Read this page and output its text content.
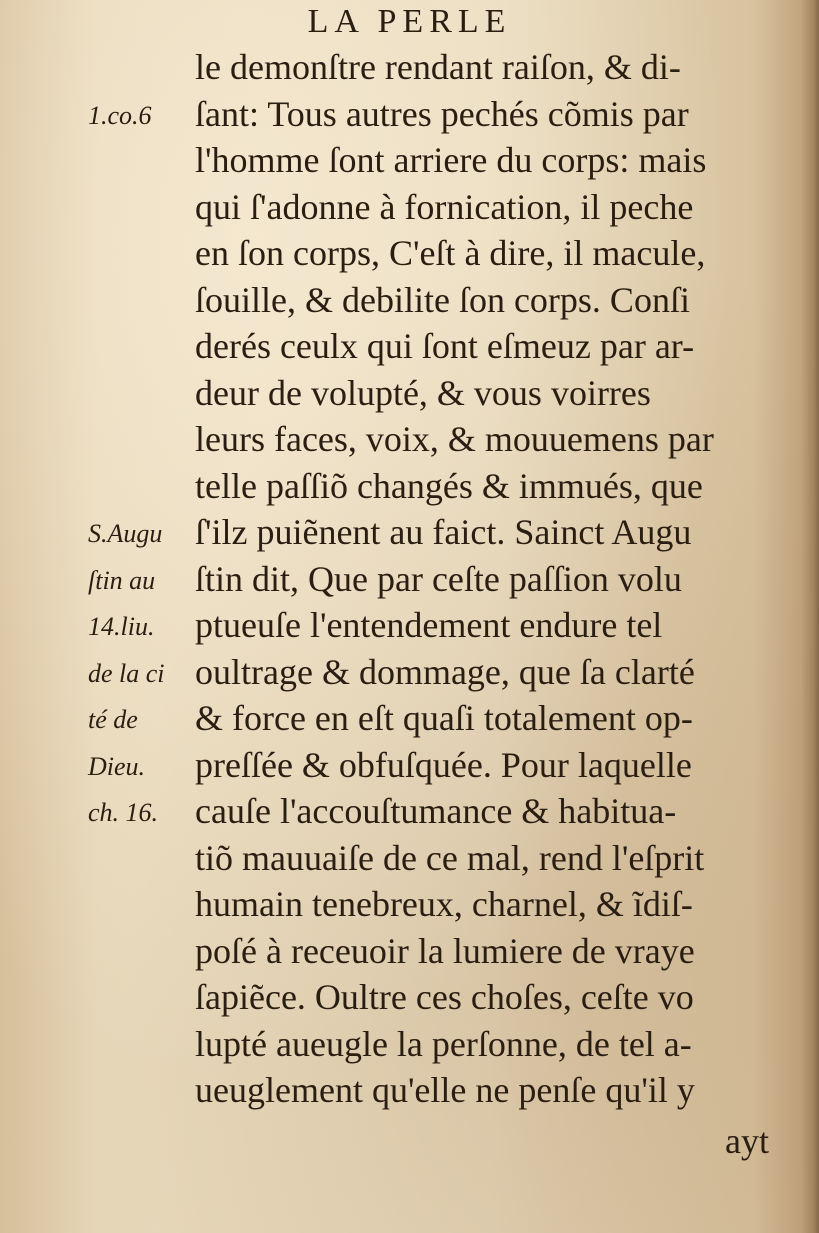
LA PERLE
le demonſtre rendant raiſon, & di-
ſant: Tous autres pechés cõmis par
l'homme ſont arriere du corps: mais
qui ſ'adonne à fornication, il peche
en ſon corps, C'eſt à dire, il macule,
ſouille, & debilite ſon corps. Conſi
derés ceulx qui ſont eſmeuz par ar-
deur de volupté, & vous voirres
leurs faces, voix, & mouuemens par
telle paſſiõ changés & immués, que
ſ'ilz puiẽnent au faict. Sainct Augu
ſtin dit, Que par ceſte paſſion volu
ptueuſe l'entendement endure tel
oultrage & dommage, que ſa clarté
& force en eſt quaſi totalement op-
preſſée & obfuſquée. Pour laquelle
cauſe l'accouſtumance & habitua-
tiõ mauuaiſe de ce mal, rend l'eſprit
humain tenebreux, charnel, & ĩdiſ-
poſé à receuoir la lumiere de vraye
ſapiẽce. Oultre ces choſes, ceſte vo
lupté aueugle la perſonne, de tel a-
ueuglement qu'elle ne penſe qu'il y
1.co.6
S.Augu
ſtin au
14.liu.
de la ci
té de
Dieu.
ch. 16.
ayt
